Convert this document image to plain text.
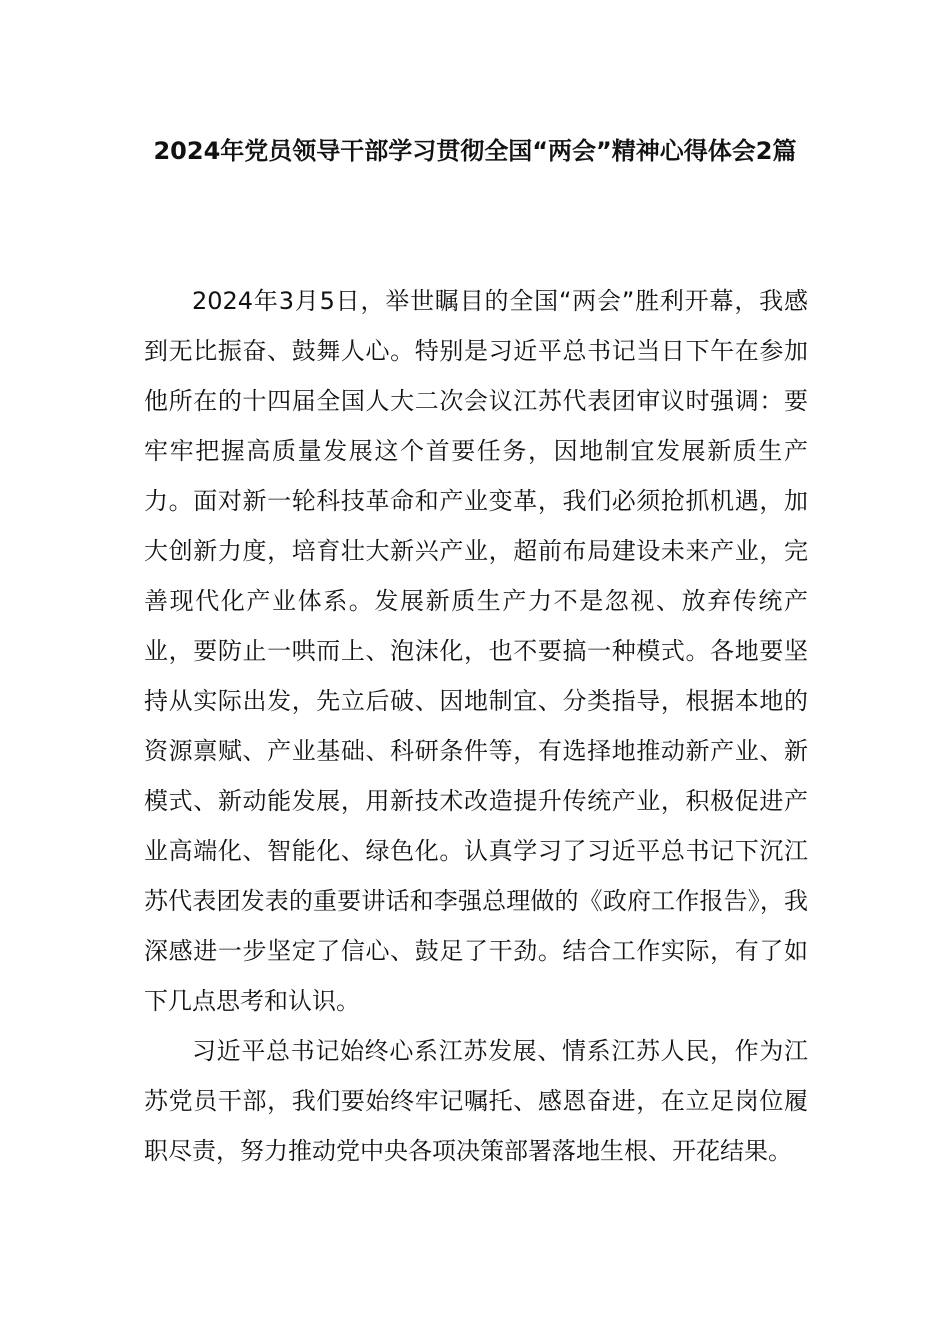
2024年党员领导干部学习贯彻全国“两会”精神心得体会2篇

2024年3月5日，举世瞩目的全国“两会”胜利开幕，我感到无比振奋、鼓舞人心。特别是习近平总书记当日下午在参加他所在的十四届全国人大二次会议江苏代表团审议时强调：要牢牢把握高质量发展这个首要任务，因地制宜发展新质生产力。面对新一轮科技革命和产业变革，我们必须抢抓机遇，加大创新力度，培育壮大新兴产业，超前布局建设未来产业，完善现代化产业体系。发展新质生产力不是忽视、放弃传统产业，要防止一哄而上、泡沫化，也不要搞一种模式。各地要坚持从实际出发，先立后破、因地制宜、分类指导，根据本地的资源禀赋、产业基础、科研条件等，有选择地推动新产业、新模式、新动能发展，用新技术改造提升传统产业，积极促进产业高端化、智能化、绿色化。认真学习了习近平总书记下沉江苏代表团发表的重要讲话和李强总理做的《政府工作报告》，我深感进一步坚定了信心、鼓足了干劲。结合工作实际，有了如下几点思考和认识。

习近平总书记始终心系江苏发展、情系江苏人民，作为江苏党员干部，我们要始终牢记嘱托、感恩奋进，在立足岗位履职尽责，努力推动党中央各项决策部署落地生根、开花结果。
